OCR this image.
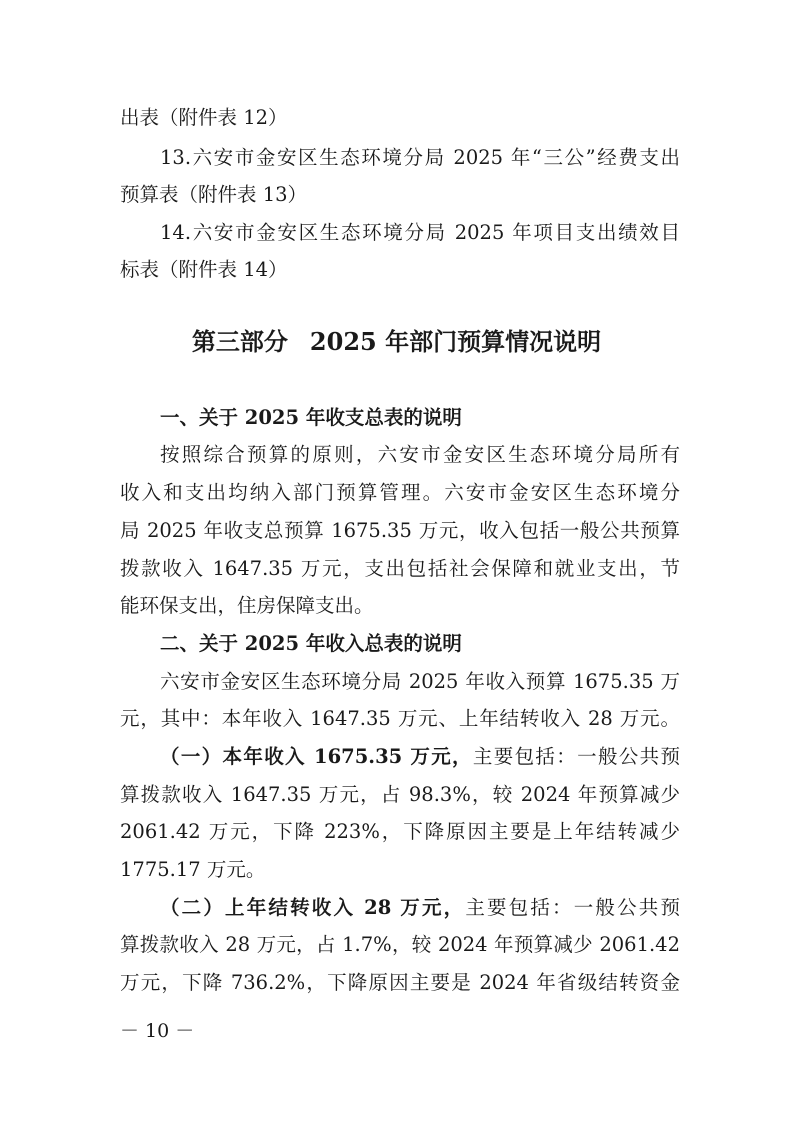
出表（附件表 12）
13.六安市金安区生态环境分局 2025 年“三公”经费支出
预算表（附件表 13）
14.六安市金安区生态环境分局 2025 年项目支出绩效目
标表（附件表 14）
第三部分 2025 年部门预算情况说明
一、关于 2025 年收支总表的说明
按照综合预算的原则，六安市金安区生态环境分局所有
收入和支出均纳入部门预算管理。六安市金安区生态环境分
局 2025 年收支总预算 1675.35 万元，收入包括一般公共预算
拨款收入 1647.35 万元，支出包括社会保障和就业支出，节
能环保支出，住房保障支出。
二、关于 2025 年收入总表的说明
六安市金安区生态环境分局 2025 年收入预算 1675.35 万
元，其中：本年收入 1647.35 万元、上年结转收入 28 万元。
（一）本年收入 1675.35 万元，主要包括：一般公共预
算拨款收入 1647.35 万元，占 98.3%，较 2024 年预算减少
2061.42 万元，下降 223%，下降原因主要是上年结转减少
1775.17 万元。
（二）上年结转收入 28 万元，主要包括：一般公共预
算拨款收入 28 万元，占 1.7%，较 2024 年预算减少 2061.42
万元，下降 736.2%，下降原因主要是 2024 年省级结转资金
－ 10 －
